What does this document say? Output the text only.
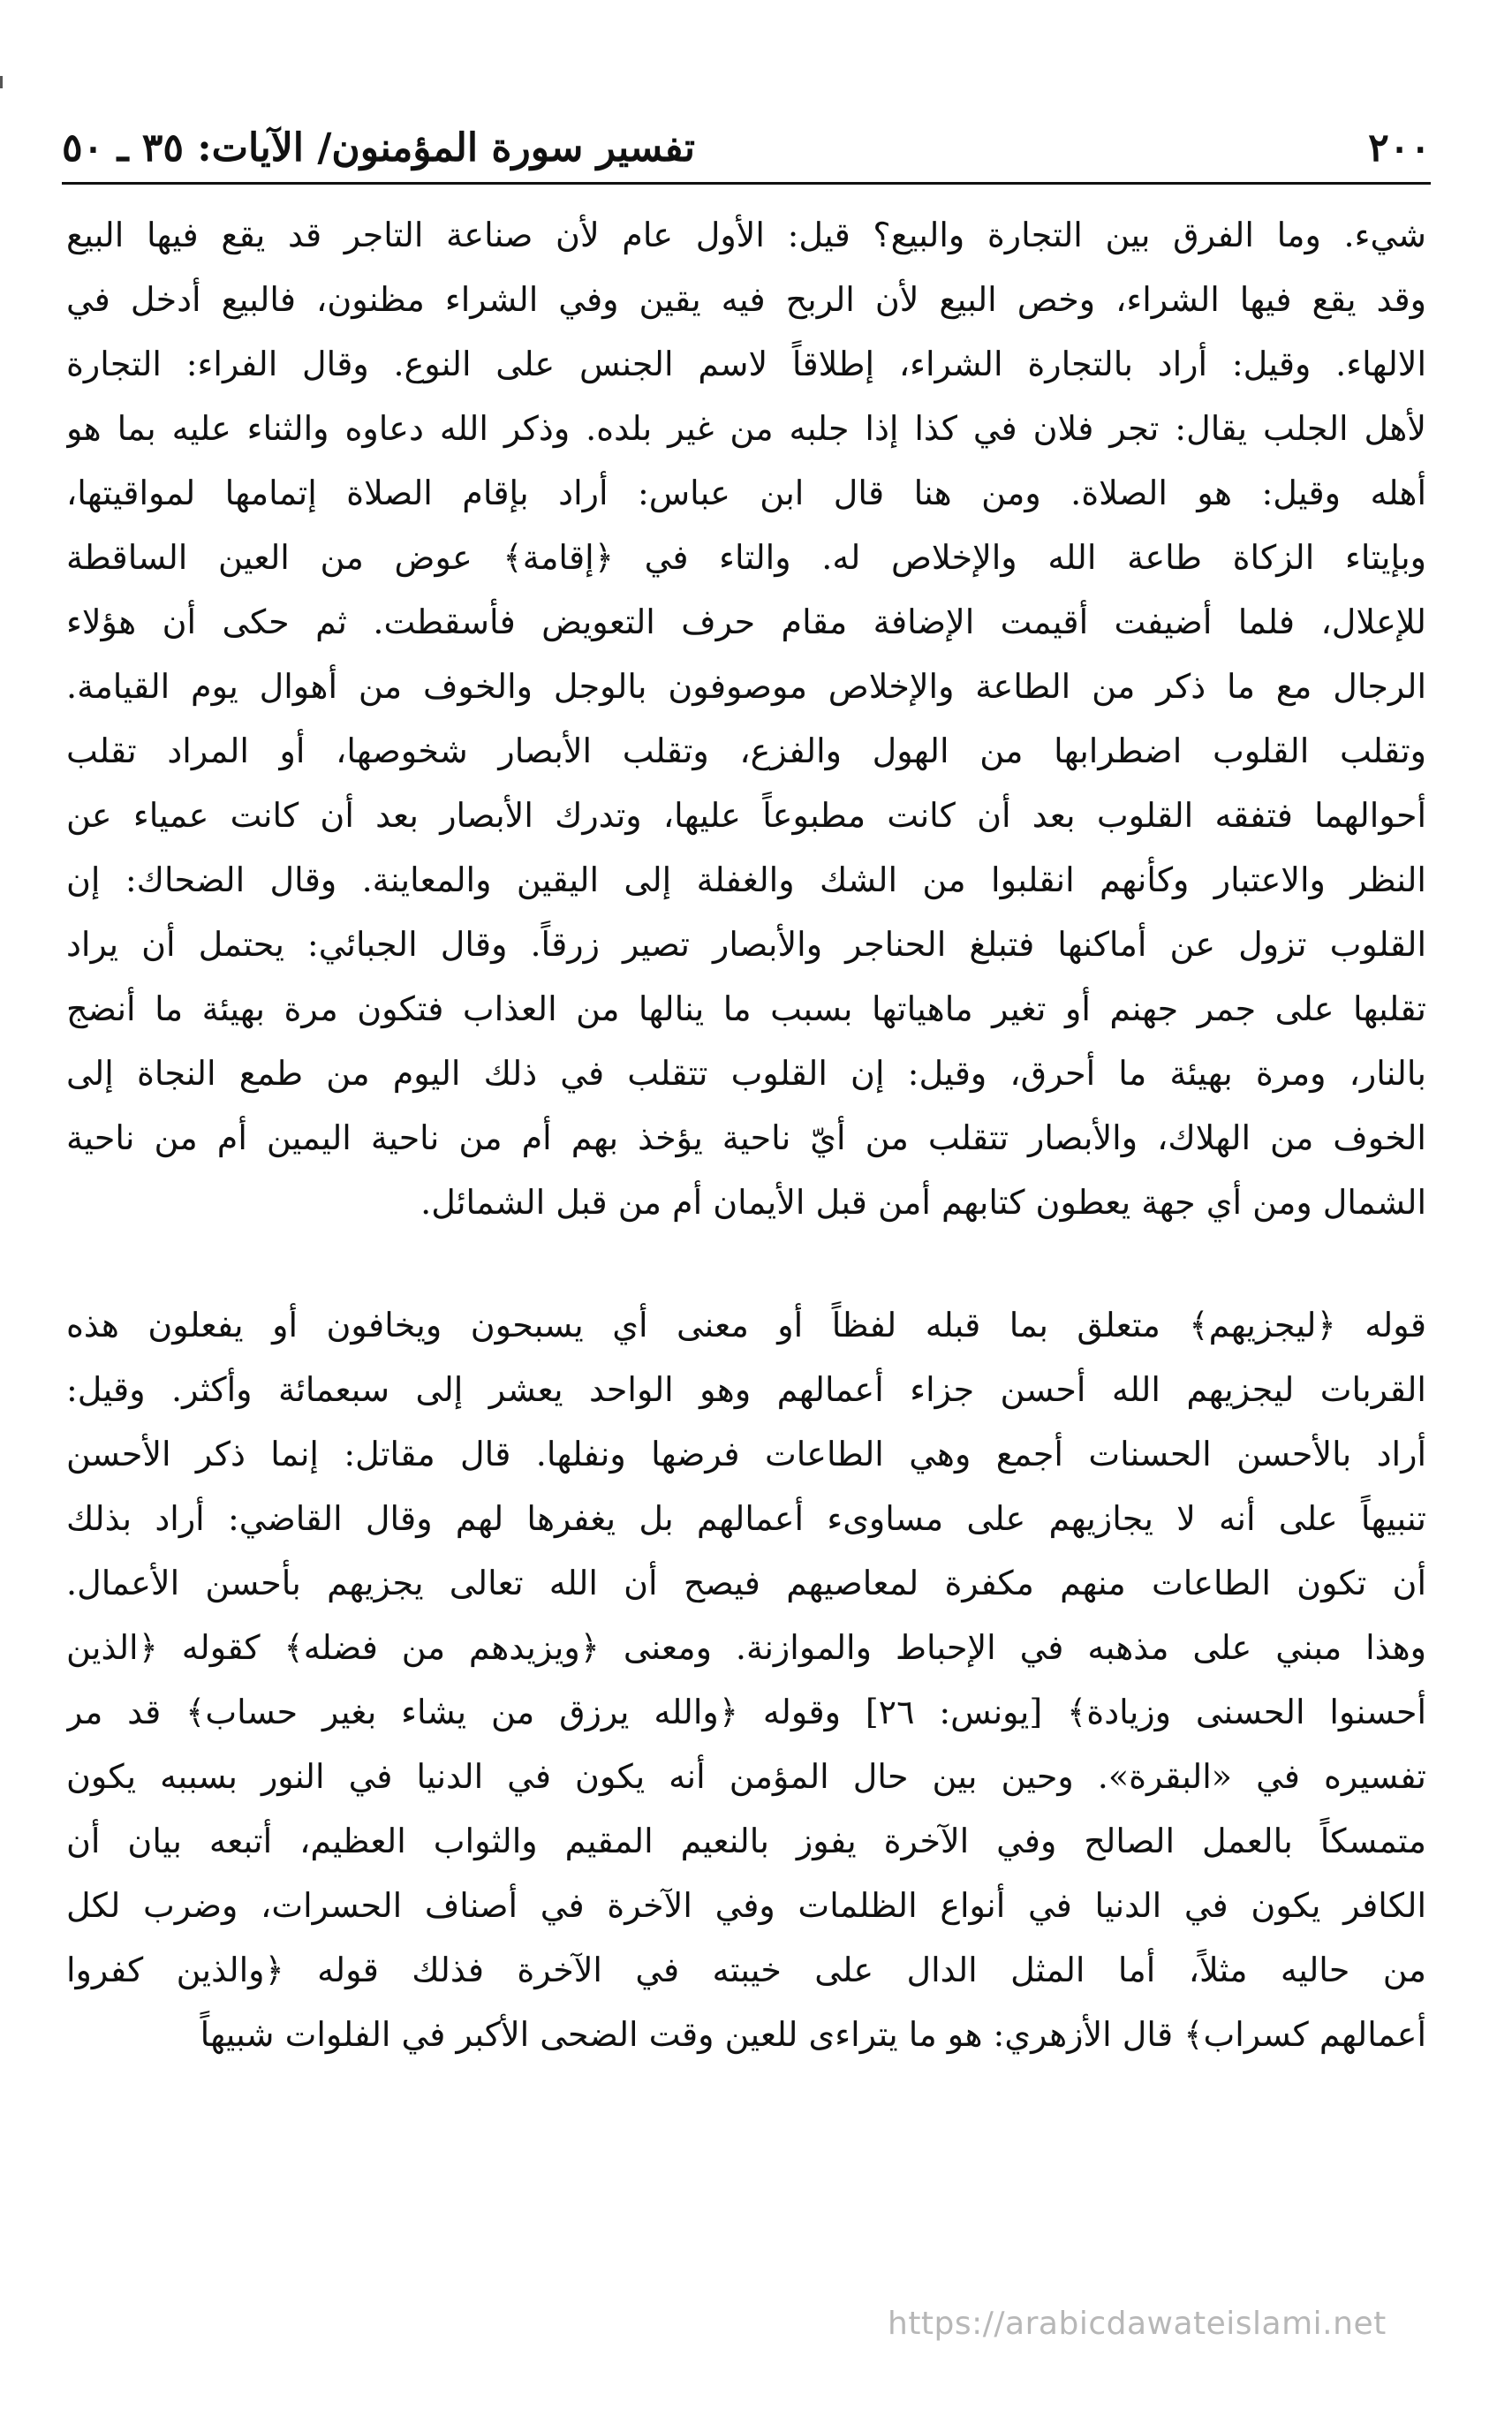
٢٠٠
تفسير سورة المؤمنون/ الآيات: ٣٥ ـ ٥٠
شيء. وما الفرق بين التجارة والبيع؟ قيل: الأول عام لأن صناعة التاجر قد يقع فيها البيع
وقد يقع فيها الشراء، وخص البيع لأن الربح فيه يقين وفي الشراء مظنون، فالبيع أدخل في
الالهاء. وقيل: أراد بالتجارة الشراء، إطلاقاً لاسم الجنس على النوع. وقال الفراء: التجارة
لأهل الجلب يقال: تجر فلان في كذا إذا جلبه من غير بلده. وذكر الله دعاوه والثناء عليه بما هو
أهله وقيل: هو الصلاة. ومن هنا قال ابن عباس: أراد بإقام الصلاة إتمامها لمواقيتها،
وبإيتاء الزكاة طاعة الله والإخلاص له. والتاء في ﴿إقامة﴾ عوض من العين الساقطة
للإعلال، فلما أضيفت أقيمت الإضافة مقام حرف التعويض فأسقطت. ثم حكى أن هؤلاء
الرجال مع ما ذكر من الطاعة والإخلاص موصوفون بالوجل والخوف من أهوال يوم القيامة.
وتقلب القلوب اضطرابها من الهول والفزع، وتقلب الأبصار شخوصها، أو المراد تقلب
أحوالهما فتفقه القلوب بعد أن كانت مطبوعاً عليها، وتدرك الأبصار بعد أن كانت عمياء عن
النظر والاعتبار وكأنهم انقلبوا من الشك والغفلة إلى اليقين والمعاينة. وقال الضحاك: إن
القلوب تزول عن أماكنها فتبلغ الحناجر والأبصار تصير زرقاً. وقال الجبائي: يحتمل أن يراد
تقلبها على جمر جهنم أو تغير ماهياتها بسبب ما ينالها من العذاب فتكون مرة بهيئة ما أنضج
بالنار، ومرة بهيئة ما أحرق، وقيل: إن القلوب تتقلب في ذلك اليوم من طمع النجاة إلى
الخوف من الهلاك، والأبصار تتقلب من أيّ ناحية يؤخذ بهم أم من ناحية اليمين أم من ناحية
الشمال ومن أي جهة يعطون كتابهم أمن قبل الأيمان أم من قبل الشمائل.
قوله ﴿ليجزيهم﴾ متعلق بما قبله لفظاً أو معنى أي يسبحون ويخافون أو يفعلون هذه
القربات ليجزيهم الله أحسن جزاء أعمالهم وهو الواحد يعشر إلى سبعمائة وأكثر. وقيل:
أراد بالأحسن الحسنات أجمع وهي الطاعات فرضها ونفلها. قال مقاتل: إنما ذكر الأحسن
تنبيهاً على أنه لا يجازيهم على مساوىء أعمالهم بل يغفرها لهم وقال القاضي: أراد بذلك
أن تكون الطاعات منهم مكفرة لمعاصيهم فيصح أن الله تعالى يجزيهم بأحسن الأعمال.
وهذا مبني على مذهبه في الإحباط والموازنة. ومعنى ﴿ويزيدهم من فضله﴾ كقوله ﴿الذين
أحسنوا الحسنى وزيادة﴾ [يونس: ٢٦] وقوله ﴿والله يرزق من يشاء بغير حساب﴾ قد مر
تفسيره في «البقرة». وحين بين حال المؤمن أنه يكون في الدنيا في النور بسببه يكون
متمسكاً بالعمل الصالح وفي الآخرة يفوز بالنعيم المقيم والثواب العظيم، أتبعه بيان أن
الكافر يكون في الدنيا في أنواع الظلمات وفي الآخرة في أصناف الحسرات، وضرب لكل
من حاليه مثلاً، أما المثل الدال على خيبته في الآخرة فذلك قوله ﴿والذين كفروا
أعمالهم كسراب﴾ قال الأزهري: هو ما يتراءى للعين وقت الضحى الأكبر في الفلوات شبيهاً
https://arabicdawateislami.net
